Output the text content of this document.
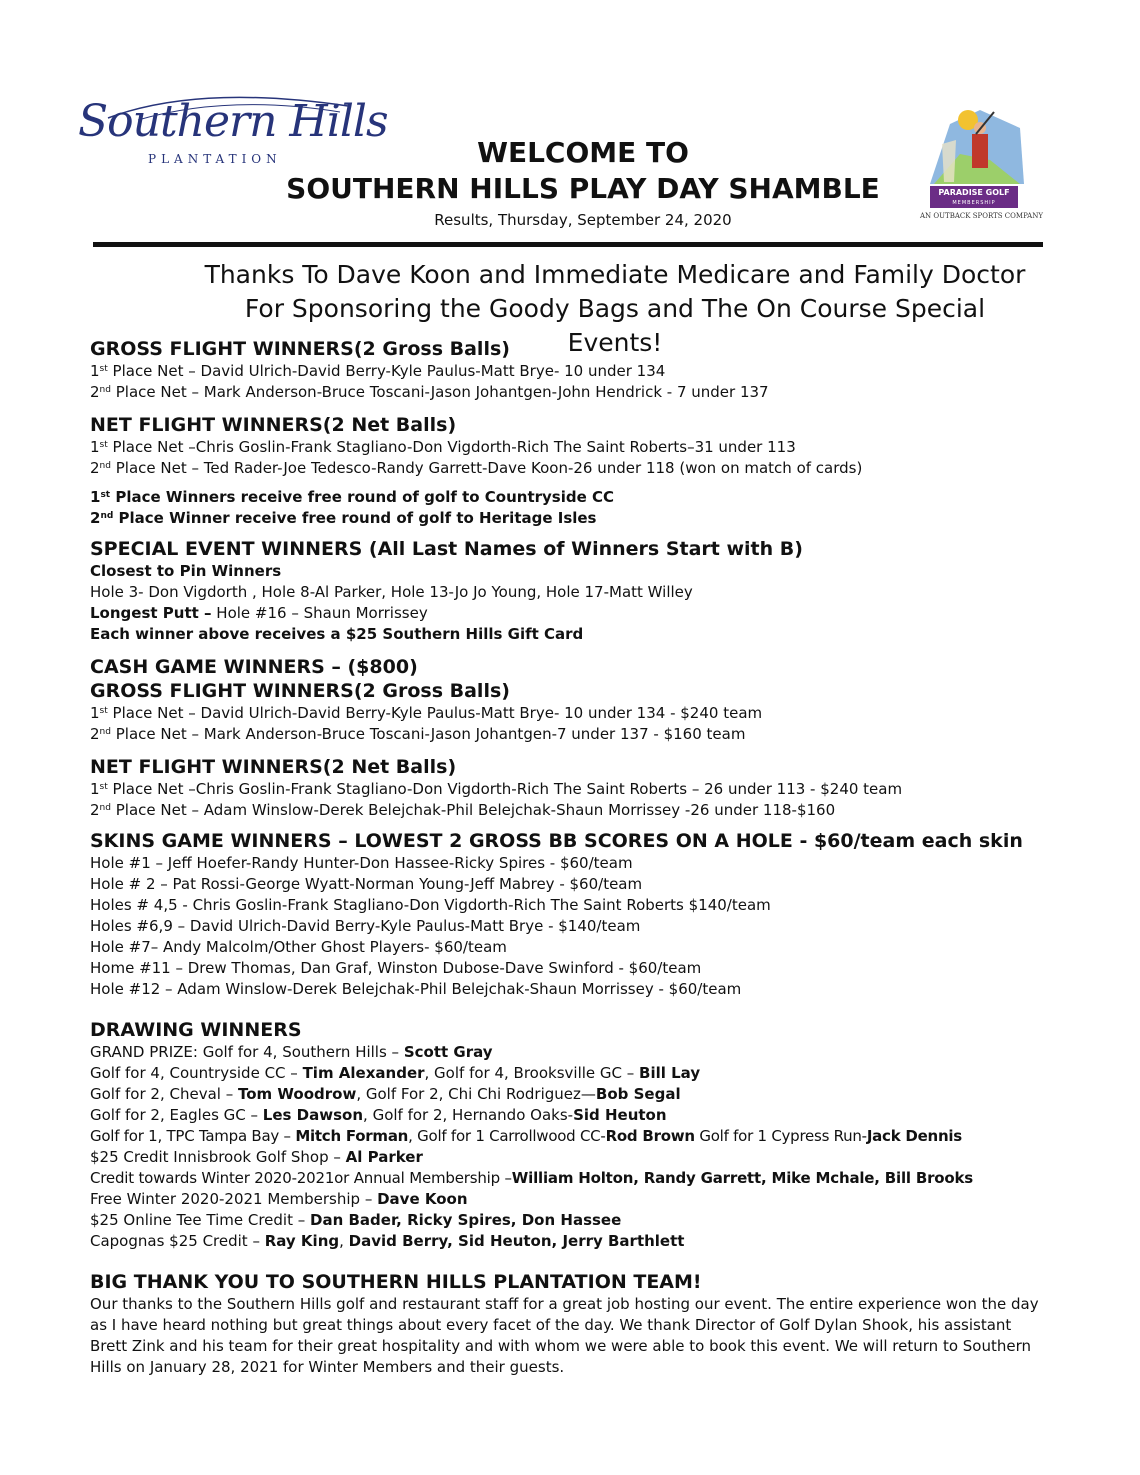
Southern Hills
PLANTATION
PARADISE GOLF
MEMBERSHIP
AN OUTBACK SPORTS COMPANY
WELCOME TO
SOUTHERN HILLS PLAY DAY SHAMBLE
Results, Thursday, September 24, 2020
Thanks To Dave Koon and Immediate Medicare and Family Doctor
For Sponsoring the Goody Bags and The On Course Special Events!
GROSS FLIGHT WINNERS(2 Gross Balls)
1st Place Net – David Ulrich-David Berry-Kyle Paulus-Matt Brye- 10 under 134
2nd Place Net – Mark Anderson-Bruce Toscani-Jason Johantgen-John Hendrick - 7 under 137
NET FLIGHT WINNERS(2 Net Balls)
1st Place Net –Chris Goslin-Frank Stagliano-Don Vigdorth-Rich The Saint Roberts–31 under 113
2nd Place Net – Ted Rader-Joe Tedesco-Randy Garrett-Dave Koon-26 under 118 (won on match of cards)
1st Place Winners receive free round of golf to Countryside CC
2nd Place Winner receive free round of golf to Heritage Isles
SPECIAL EVENT WINNERS (All Last Names of Winners Start with B)
Closest to Pin Winners
Hole 3- Don Vigdorth , Hole 8-Al Parker, Hole 13-Jo Jo Young, Hole 17-Matt Willey
Longest Putt – Hole #16 – Shaun Morrissey
Each winner above receives a $25 Southern Hills Gift Card
CASH GAME WINNERS – ($800)
GROSS FLIGHT WINNERS(2 Gross Balls)
1st Place Net – David Ulrich-David Berry-Kyle Paulus-Matt Brye- 10 under 134 - $240 team
2nd Place Net – Mark Anderson-Bruce Toscani-Jason Johantgen-7 under 137 - $160 team
NET FLIGHT WINNERS(2 Net Balls)
1st Place Net –Chris Goslin-Frank Stagliano-Don Vigdorth-Rich The Saint Roberts – 26 under 113 - $240 team
2nd Place Net – Adam Winslow-Derek Belejchak-Phil Belejchak-Shaun Morrissey -26 under 118-$160
SKINS GAME WINNERS – LOWEST 2 GROSS BB SCORES ON A HOLE - $60/team each skin
Hole #1 – Jeff Hoefer-Randy Hunter-Don Hassee-Ricky Spires - $60/team
Hole # 2 – Pat Rossi-George Wyatt-Norman Young-Jeff Mabrey - $60/team
Holes # 4,5 - Chris Goslin-Frank Stagliano-Don Vigdorth-Rich The Saint Roberts $140/team
Holes #6,9 – David Ulrich-David Berry-Kyle Paulus-Matt Brye - $140/team
Hole #7– Andy Malcolm/Other Ghost Players- $60/team
Home #11 – Drew Thomas, Dan Graf, Winston Dubose-Dave Swinford - $60/team
Hole #12 – Adam Winslow-Derek Belejchak-Phil Belejchak-Shaun Morrissey - $60/team
DRAWING WINNERS
GRAND PRIZE: Golf for 4, Southern Hills – Scott Gray
Golf for 4, Countryside CC – Tim Alexander, Golf for 4, Brooksville GC – Bill Lay
Golf for 2, Cheval – Tom Woodrow, Golf For 2, Chi Chi Rodriguez—Bob Segal
Golf for 2, Eagles GC – Les Dawson, Golf for 2, Hernando Oaks-Sid Heuton
Golf for 1, TPC Tampa Bay – Mitch Forman, Golf for 1 Carrollwood CC-Rod Brown Golf for 1 Cypress Run-Jack Dennis
$25 Credit Innisbrook Golf Shop – Al Parker
Credit towards Winter 2020-2021or Annual Membership –William Holton, Randy Garrett, Mike Mchale, Bill Brooks
Free Winter 2020-2021 Membership – Dave Koon
$25 Online Tee Time Credit – Dan Bader, Ricky Spires, Don Hassee
Capognas $25 Credit – Ray King, David Berry, Sid Heuton, Jerry Barthlett
BIG THANK YOU TO SOUTHERN HILLS PLANTATION TEAM!
Our thanks to the Southern Hills golf and restaurant staff for a great job hosting our event. The entire experience won the day as I have heard nothing but great things about every facet of the day. We thank Director of Golf Dylan Shook, his assistant Brett Zink and his team for their great hospitality and with whom we were able to book this event. We will return to Southern Hills on January 28, 2021 for Winter Members and their guests.
